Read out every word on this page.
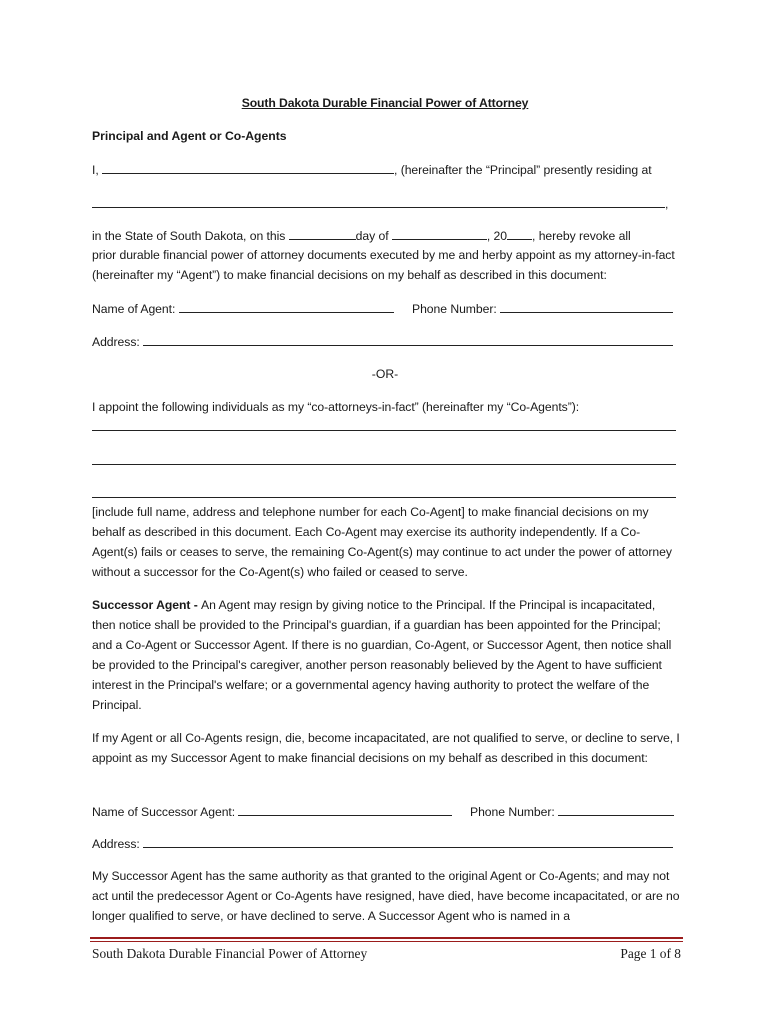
South Dakota Durable Financial Power of Attorney
Principal and Agent or Co-Agents
I,	, (hereinafter the “Principal” presently residing at
,
in the State of South Dakota, on this	day of	, 20 , hereby revoke all
prior durable financial power of attorney documents executed by me and herby appoint as my attorney-in-fact (hereinafter my “Agent”) to make financial decisions on my behalf as described in this document:
Name of Agent:	Phone Number:
Address:
-OR-
I appoint the following individuals as my “co-attorneys-in-fact” (hereinafter my “Co-Agents”):
[include full name, address and telephone number for each Co-Agent] to make financial decisions on my behalf as described in this document. Each Co-Agent may exercise its authority independently. If a Co-Agent(s) fails or ceases to serve, the remaining Co-Agent(s) may continue to act under the power of attorney without a successor for the Co-Agent(s) who failed or ceased to serve.
Successor Agent - An Agent may resign by giving notice to the Principal. If the Principal is incapacitated, then notice shall be provided to the Principal's guardian, if a guardian has been appointed for the Principal; and a Co-Agent or Successor Agent. If there is no guardian, Co-Agent, or Successor Agent, then notice shall be provided to the Principal's caregiver, another person reasonably believed by the Agent to have sufficient interest in the Principal's welfare; or a governmental agency having authority to protect the welfare of the Principal.
If my Agent or all Co-Agents resign, die, become incapacitated, are not qualified to serve, or decline to serve, I appoint as my Successor Agent to make financial decisions on my behalf as described in this document:
Name of Successor Agent:	Phone Number:
Address:
My Successor Agent has the same authority as that granted to the original Agent or Co-Agents; and may not act until the predecessor Agent or Co-Agents have resigned, have died, have become incapacitated, or are no longer qualified to serve, or have declined to serve. A Successor Agent who is named in a
South Dakota Durable Financial Power of Attorney	Page 1 of 8
